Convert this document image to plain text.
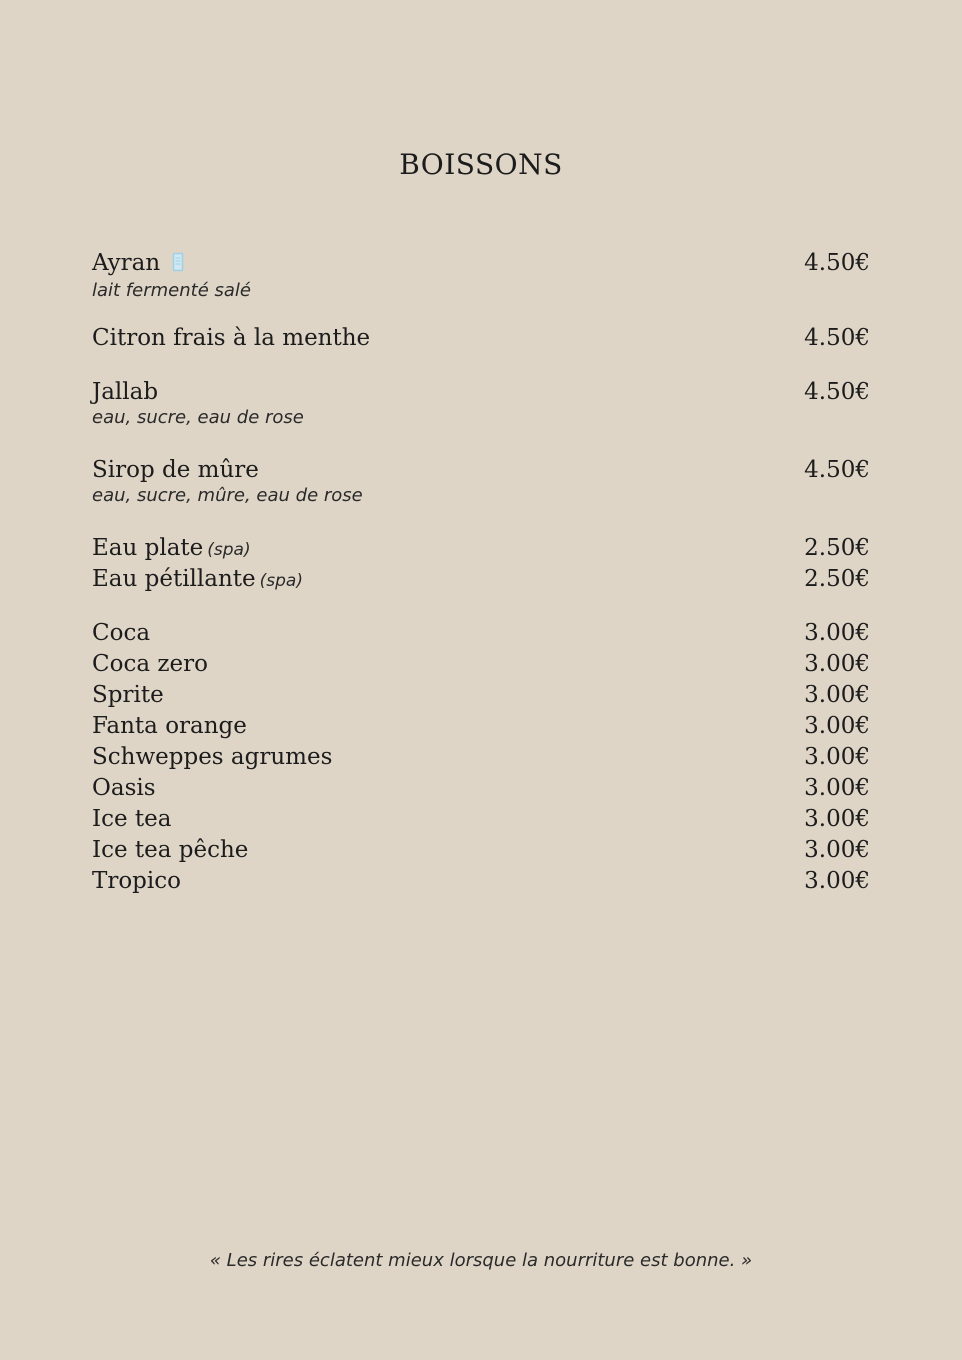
BOISSONS
Ayran	4.50€
lait fermenté salé
Citron frais à la menthe	4.50€
Jallab	4.50€
eau, sucre, eau de rose
Sirop de mûre	4.50€
eau, sucre, mûre, eau de rose
Eau plate (spa)	2.50€
Eau pétillante (spa)	2.50€
Coca	3.00€
Coca zero	3.00€
Sprite	3.00€
Fanta orange	3.00€
Schweppes agrumes	3.00€
Oasis	3.00€
Ice tea	3.00€
Ice tea pêche	3.00€
Tropico	3.00€
« Les rires éclatent mieux lorsque la nourriture est bonne. »
